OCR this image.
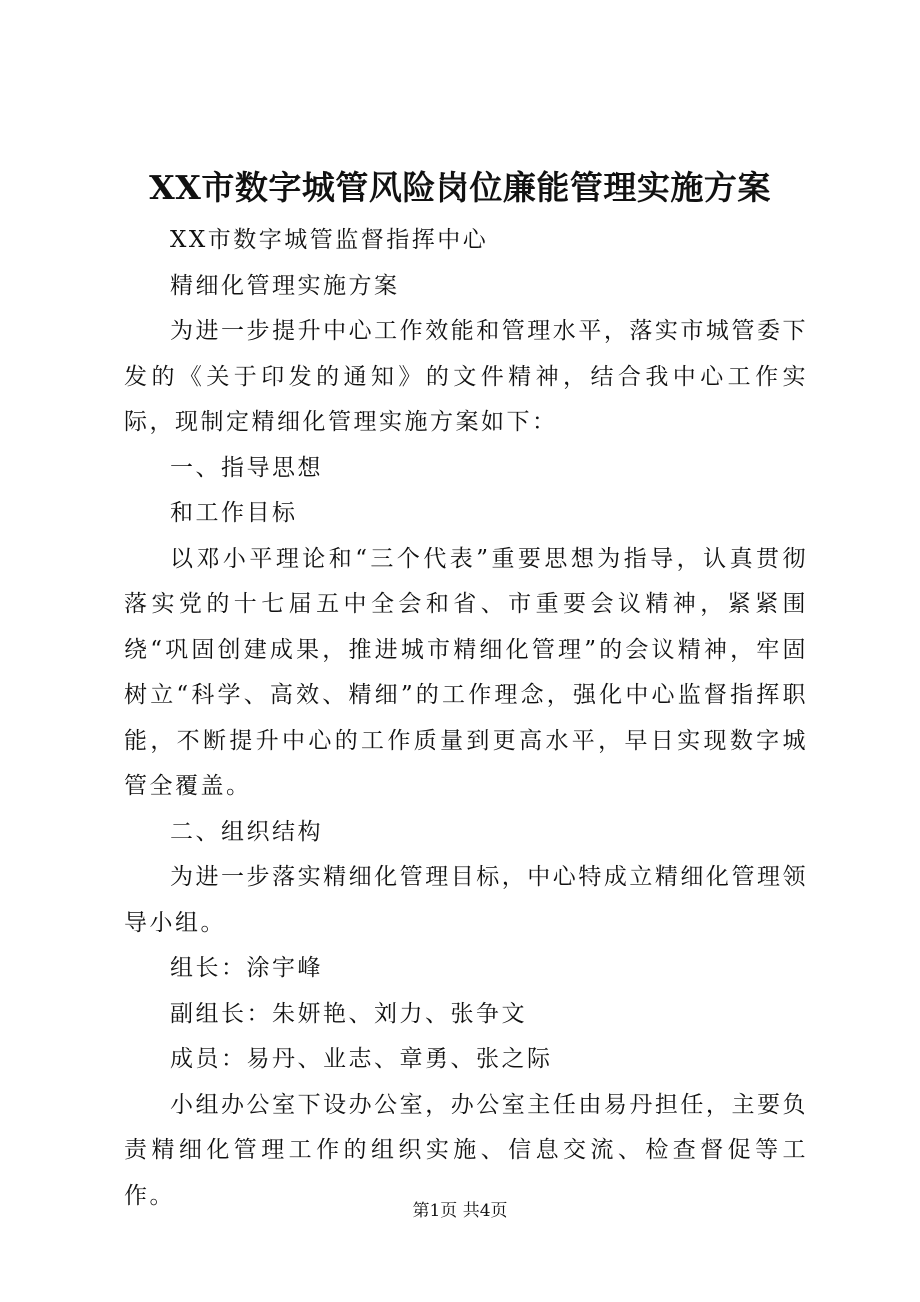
XX市数字城管风险岗位廉能管理实施方案

XX市数字城管监督指挥中心

精细化管理实施方案

为进一步提升中心工作效能和管理水平，落实市城管委下发的《关于印发的通知》的文件精神，结合我中心工作实际，现制定精细化管理实施方案如下：

一、指导思想

和工作目标

以邓小平理论和“三个代表”重要思想为指导，认真贯彻落实党的十七届五中全会和省、市重要会议精神，紧紧围绕“巩固创建成果，推进城市精细化管理”的会议精神，牢固树立“科学、高效、精细”的工作理念，强化中心监督指挥职能，不断提升中心的工作质量到更高水平，早日实现数字城管全覆盖。

二、组织结构

为进一步落实精细化管理目标，中心特成立精细化管理领导小组。

组长：涂宇峰

副组长：朱妍艳、刘力、张争文

成员：易丹、业志、章勇、张之际

小组办公室下设办公室，办公室主任由易丹担任，主要负责精细化管理工作的组织实施、信息交流、检查督促等工作。

第1页 共4页
